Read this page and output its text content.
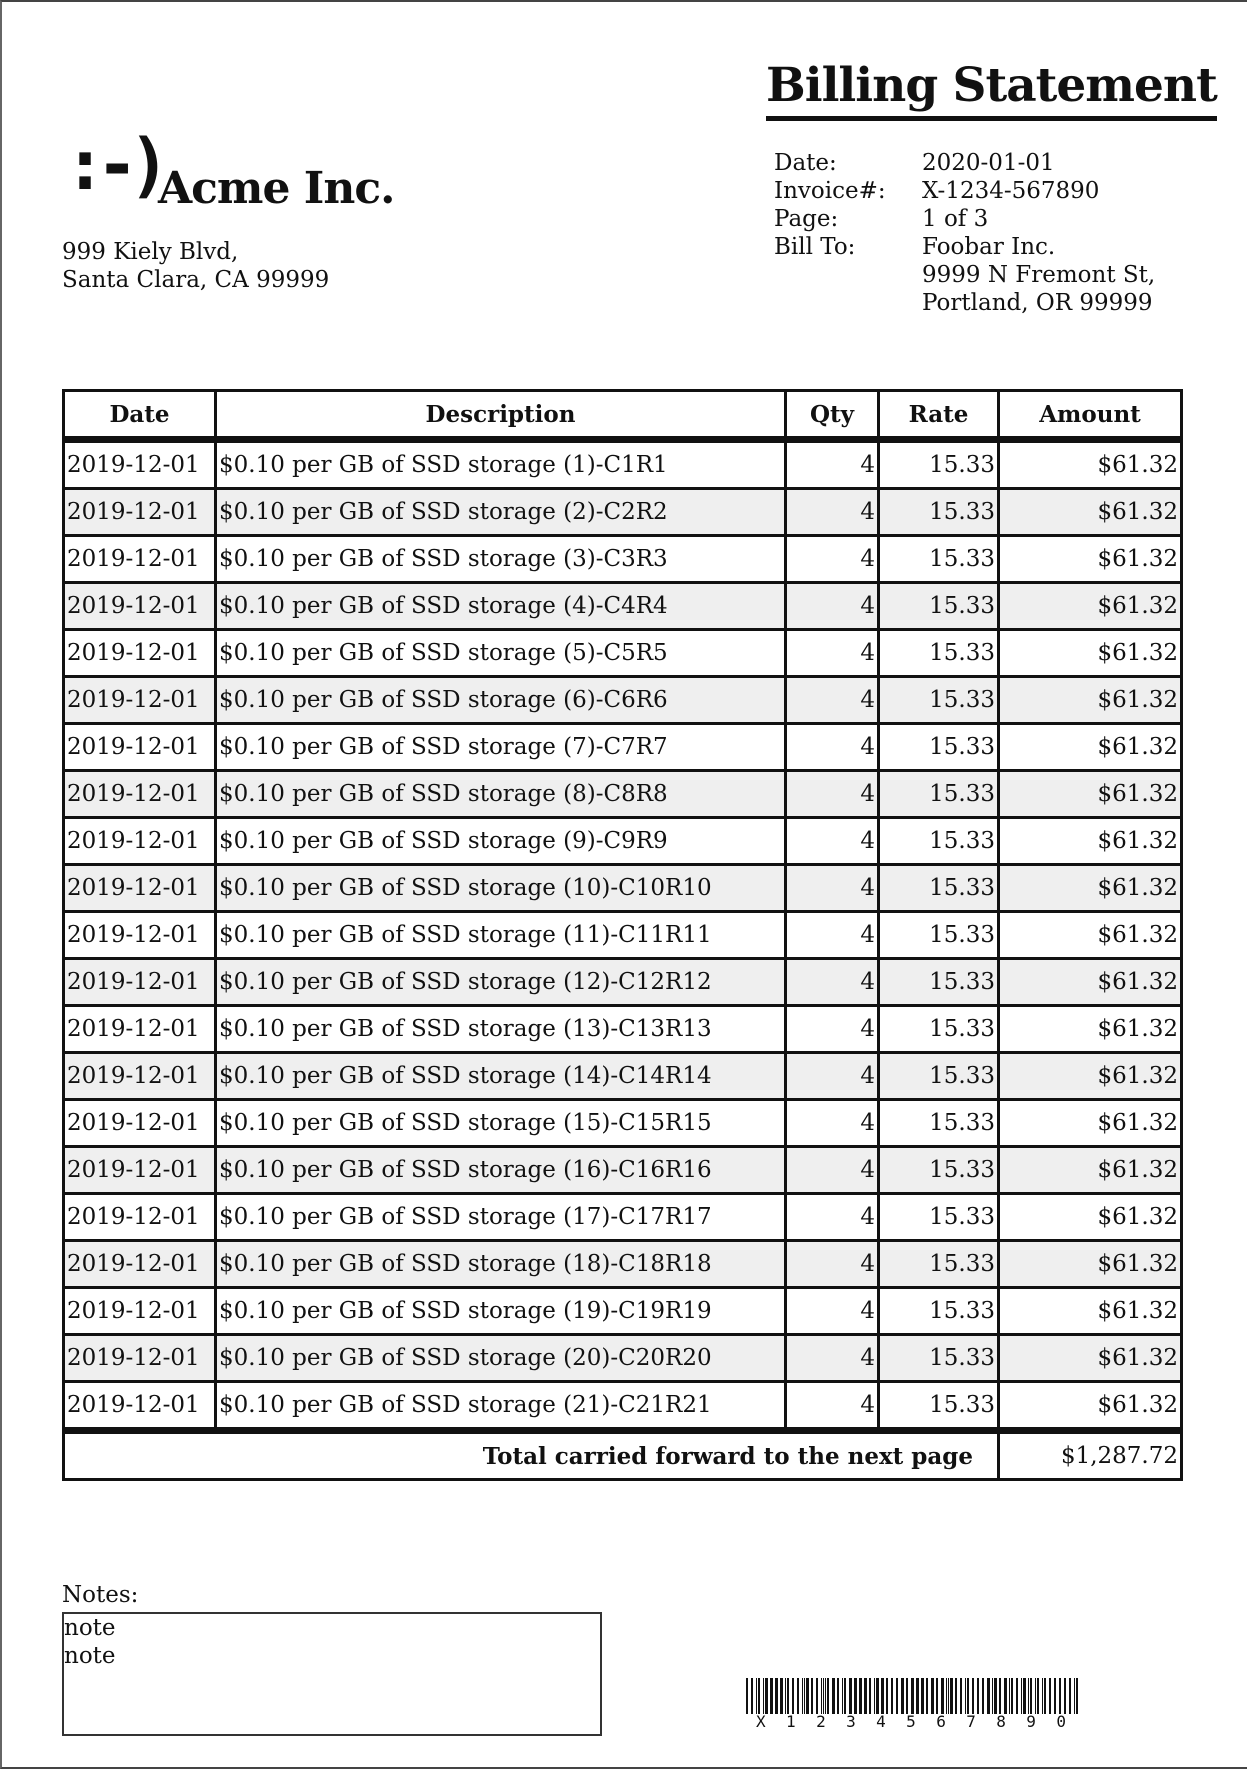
Billing Statement
:-)
Acme Inc.
999 Kiely Blvd,
Santa Clara, CA 99999
Date:	2020-01-01
Invoice#:	X-1234-567890
Page:	1 of 3
Bill To:	Foobar Inc.
9999 N Fremont St,
Portland, OR 99999
Date	Description	Qty	Rate	Amount
2019-12-01	$0.10 per GB of SSD storage (1)-C1R1	4	15.33	$61.32
2019-12-01	$0.10 per GB of SSD storage (2)-C2R2	4	15.33	$61.32
2019-12-01	$0.10 per GB of SSD storage (3)-C3R3	4	15.33	$61.32
2019-12-01	$0.10 per GB of SSD storage (4)-C4R4	4	15.33	$61.32
2019-12-01	$0.10 per GB of SSD storage (5)-C5R5	4	15.33	$61.32
2019-12-01	$0.10 per GB of SSD storage (6)-C6R6	4	15.33	$61.32
2019-12-01	$0.10 per GB of SSD storage (7)-C7R7	4	15.33	$61.32
2019-12-01	$0.10 per GB of SSD storage (8)-C8R8	4	15.33	$61.32
2019-12-01	$0.10 per GB of SSD storage (9)-C9R9	4	15.33	$61.32
2019-12-01	$0.10 per GB of SSD storage (10)-C10R10	4	15.33	$61.32
2019-12-01	$0.10 per GB of SSD storage (11)-C11R11	4	15.33	$61.32
2019-12-01	$0.10 per GB of SSD storage (12)-C12R12	4	15.33	$61.32
2019-12-01	$0.10 per GB of SSD storage (13)-C13R13	4	15.33	$61.32
2019-12-01	$0.10 per GB of SSD storage (14)-C14R14	4	15.33	$61.32
2019-12-01	$0.10 per GB of SSD storage (15)-C15R15	4	15.33	$61.32
2019-12-01	$0.10 per GB of SSD storage (16)-C16R16	4	15.33	$61.32
2019-12-01	$0.10 per GB of SSD storage (17)-C17R17	4	15.33	$61.32
2019-12-01	$0.10 per GB of SSD storage (18)-C18R18	4	15.33	$61.32
2019-12-01	$0.10 per GB of SSD storage (19)-C19R19	4	15.33	$61.32
2019-12-01	$0.10 per GB of SSD storage (20)-C20R20	4	15.33	$61.32
2019-12-01	$0.10 per GB of SSD storage (21)-C21R21	4	15.33	$61.32
Total carried forward to the next page				$1,287.72
Notes:
note
note
X1234567890
